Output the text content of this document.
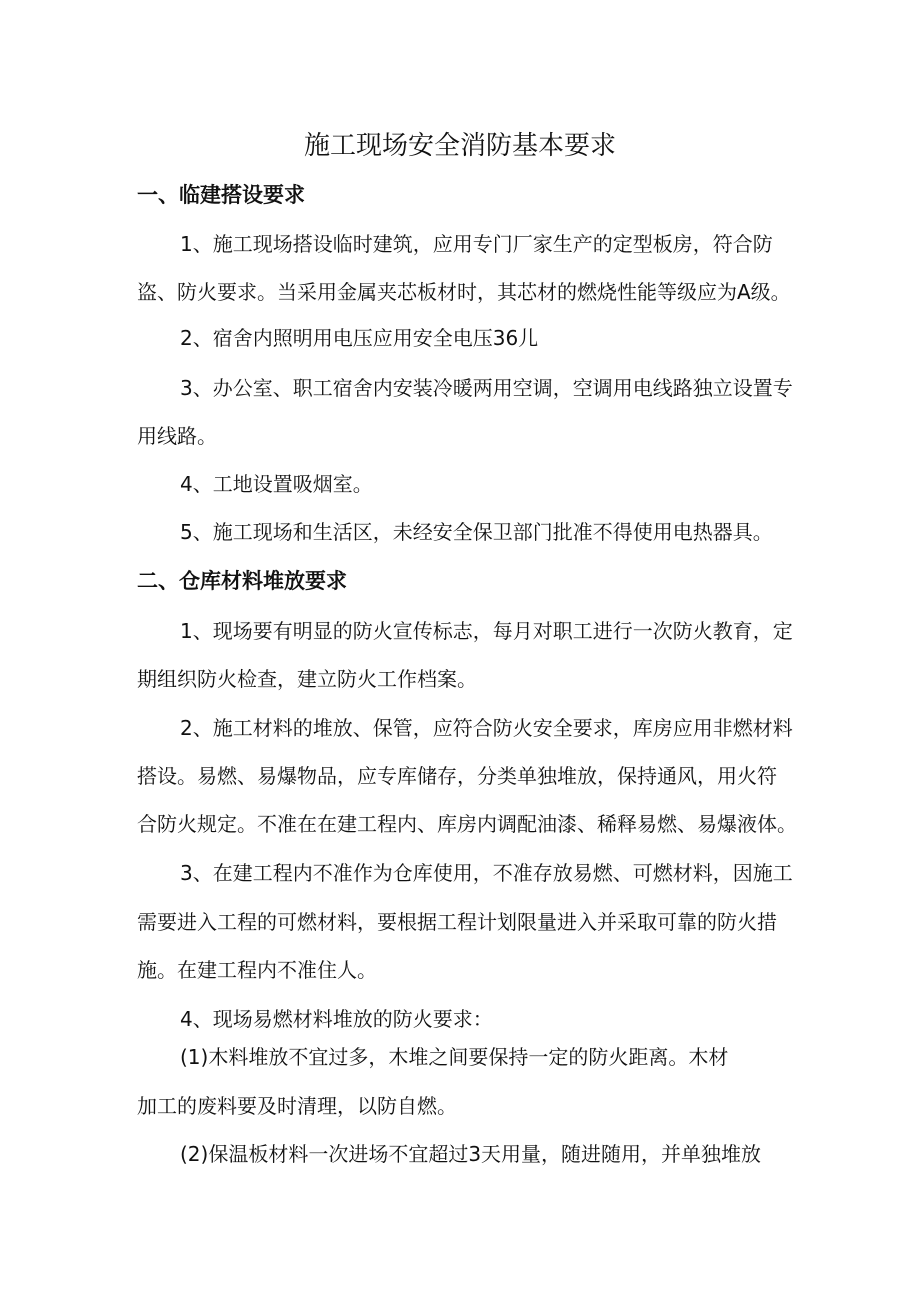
施工现场安全消防基本要求
一、临建搭设要求

1、施工现场搭设临时建筑，应用专门厂家生产的定型板房，符合防

盗、防火要求。当采用金属夹芯板材时，其芯材的燃烧性能等级应为A级。

2、宿舍内照明用电压应用安全电压36儿

3、办公室、职工宿舍内安装冷暖两用空调，空调用电线路独立设置专

用线路。

4、工地设置吸烟室。

5、施工现场和生活区，未经安全保卫部门批准不得使用电热器具。

二、仓库材料堆放要求

1、现场要有明显的防火宣传标志，每月对职工进行一次防火教育，定

期组织防火检查，建立防火工作档案。

2、施工材料的堆放、保管，应符合防火安全要求，库房应用非燃材料

搭设。易燃、易爆物品，应专库储存，分类单独堆放，保持通风，用火符

合防火规定。不准在在建工程内、库房内调配油漆、稀释易燃、易爆液体。

3、在建工程内不准作为仓库使用，不准存放易燃、可燃材料，因施工

需要进入工程的可燃材料，要根据工程计划限量进入并采取可靠的防火措

施。在建工程内不准住人。

4、现场易燃材料堆放的防火要求：

(1)木料堆放不宜过多，木堆之间要保持一定的防火距离。木材

加工的废料要及时清理，以防自燃。

(2)保温板材料一次进场不宜超过3天用量，随进随用，并单独堆放
